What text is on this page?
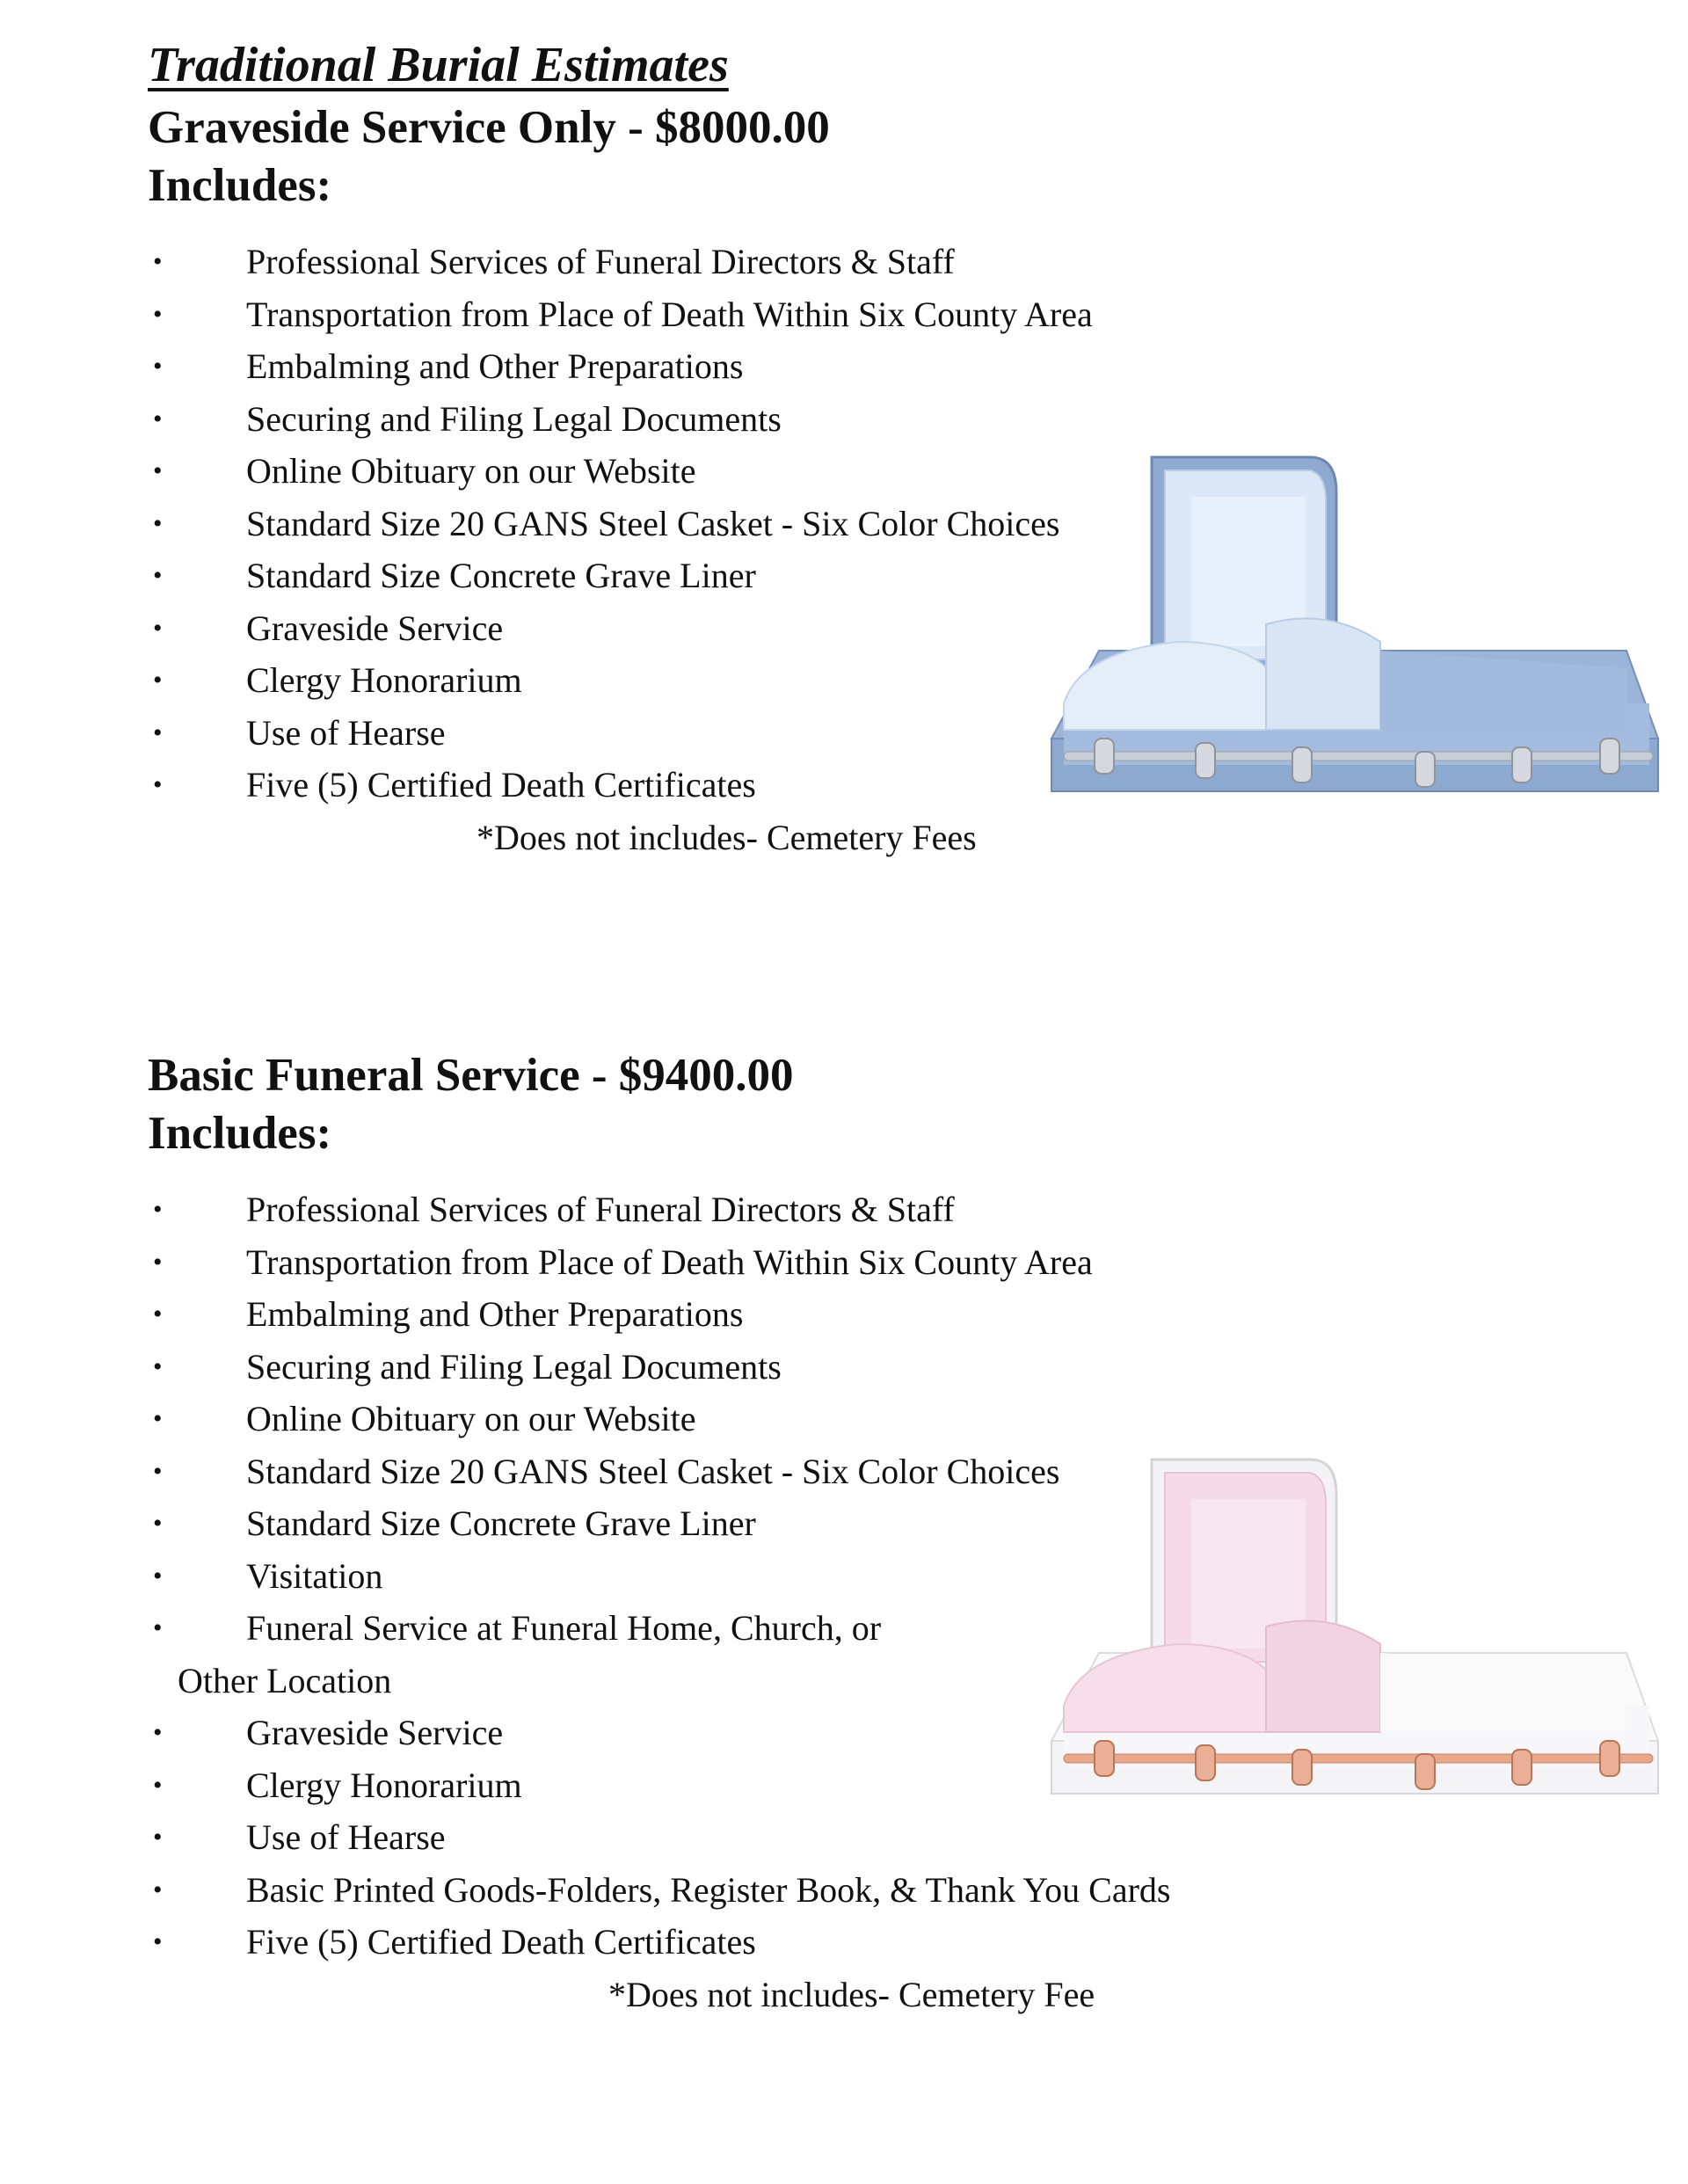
Traditional Burial Estimates
Graveside Service Only - $8000.00
Includes:
• Professional Services of Funeral Directors & Staff
• Transportation from Place of Death Within Six County Area
• Embalming and Other Preparations
• Securing and Filing Legal Documents
• Online Obituary on our Website
• Standard Size 20 GANS Steel Casket - Six Color Choices
• Standard Size Concrete Grave Liner
• Graveside Service
• Clergy Honorarium
• Use of Hearse
• Five (5) Certified Death Certificates
*Does not includes- Cemetery Fees
Basic Funeral Service - $9400.00
Includes:
• Professional Services of Funeral Directors & Staff
• Transportation from Place of Death Within Six County Area
• Embalming and Other Preparations
• Securing and Filing Legal Documents
• Online Obituary on our Website
• Standard Size 20 GANS Steel Casket - Six Color Choices
• Standard Size Concrete Grave Liner
• Visitation
• Funeral Service at Funeral Home, Church, or
Other Location
• Graveside Service
• Clergy Honorarium
• Use of Hearse
• Basic Printed Goods-Folders, Register Book, & Thank You Cards
• Five (5) Certified Death Certificates
*Does not includes- Cemetery Fee
